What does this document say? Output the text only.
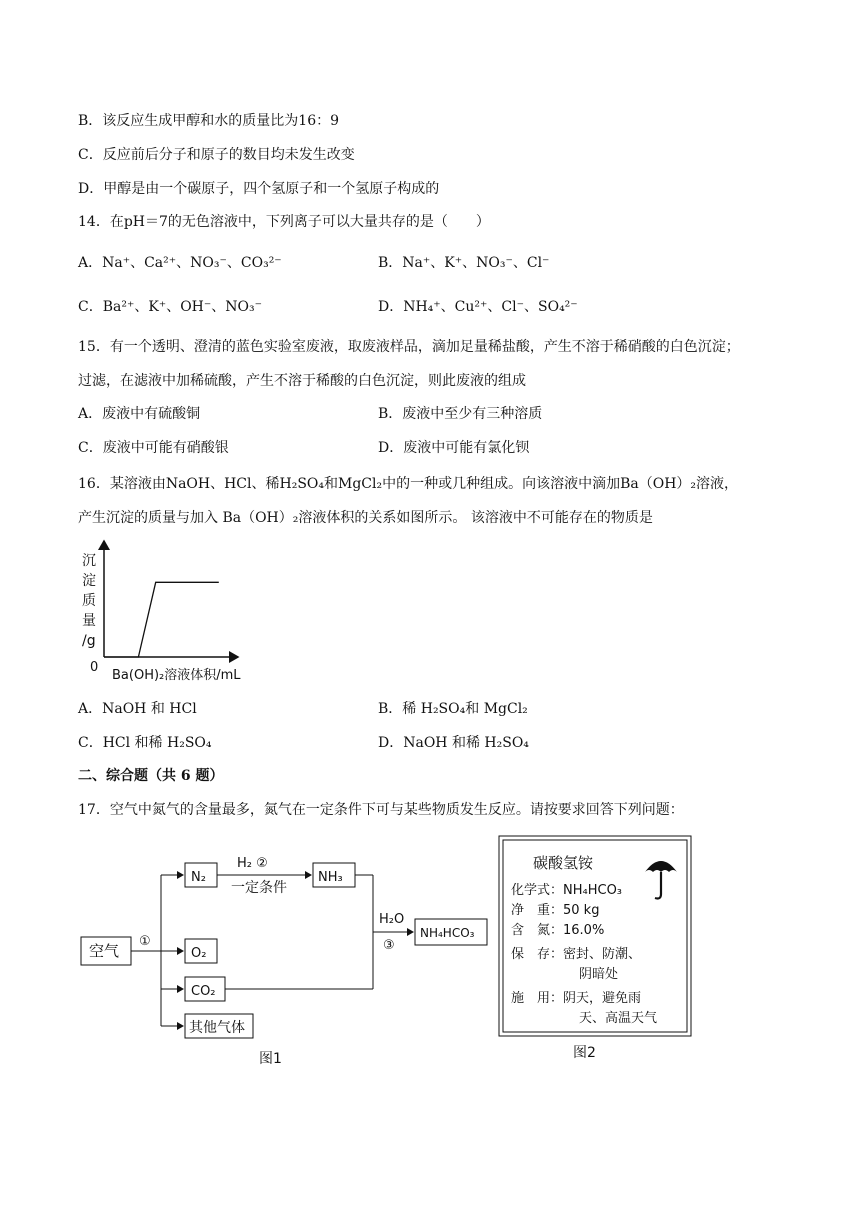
B．该反应生成甲醇和水的质量比为16：9
C．反应前后分子和原子的数目均未发生改变
D．甲醇是由一个碳原子，四个氢原子和一个氢原子构成的
14．在pH＝7的无色溶液中，下列离子可以大量共存的是（　　）
A．Na⁺、Ca²⁺、NO₃⁻、CO₃²⁻	B．Na⁺、K⁺、NO₃⁻、Cl⁻
C．Ba²⁺、K⁺、OH⁻、NO₃⁻	D．NH₄⁺、Cu²⁺、Cl⁻、SO₄²⁻
15．有一个透明、澄清的蓝色实验室废液，取废液样品，滴加足量稀盐酸，产生不溶于稀硝酸的白色沉淀；
过滤，在滤液中加稀硫酸，产生不溶于稀酸的白色沉淀，则此废液的组成
A．废液中有硫酸铜	B．废液中至少有三种溶质
C．废液中可能有硝酸银	D．废液中可能有氯化钡
16．某溶液由NaOH、HCl、稀H₂SO₄和MgCl₂中的一种或几种组成。向该溶液中滴加Ba（OH）₂溶液，
产生沉淀的质量与加入 Ba（OH）₂溶液体积的关系如图所示。 该溶液中不可能存在的物质是
沉
淀
质
量
/g
0
Ba(OH)₂溶液体积/mL
A．NaOH 和 HCl	B．稀 H₂SO₄和 MgCl₂
C．HCl 和稀 H₂SO₄	D．NaOH 和稀 H₂SO₄
二、综合题（共 6 题）
17．空气中氮气的含量最多，氮气在一定条件下可与某些物质发生反应。请按要求回答下列问题：
空气
①
N₂
H₂ ②
一定条件
NH₃
H₂O
③
O₂
CO₂
其他气体
NH₄HCO₃
图1
碳酸氢铵
化学式：NH₄HCO₃
净　重：50 kg
含　氮：16.0%
保　存：密封、防潮、
阴暗处
施　用：阴天，避免雨
天、高温天气
图2
